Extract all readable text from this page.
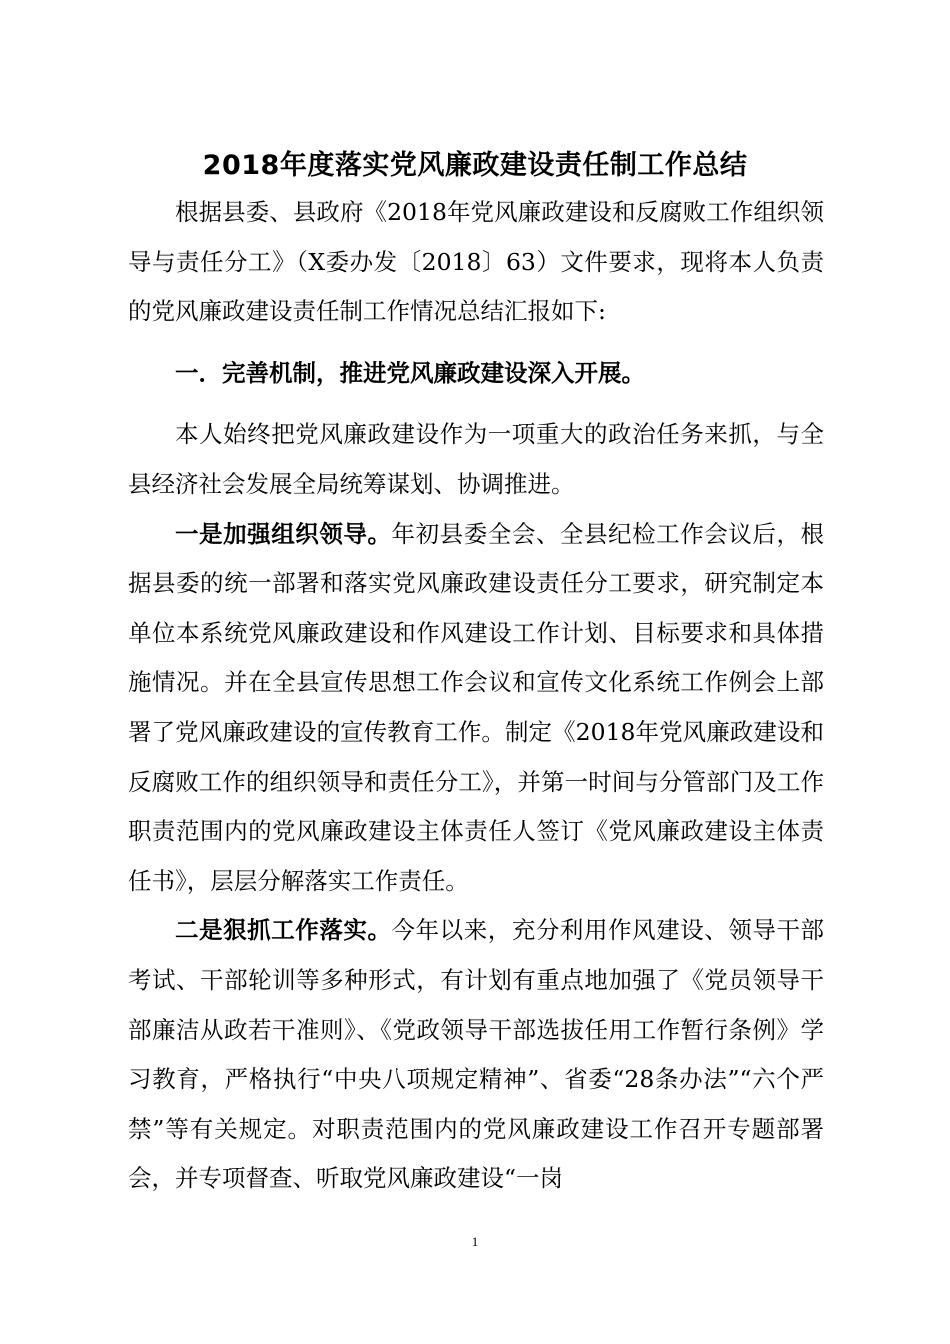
2018年度落实党风廉政建设责任制工作总结

根据县委、县政府《2018年党风廉政建设和反腐败工作组织领导与责任分工》（X委办发〔2018〕63）文件要求，现将本人负责的党风廉政建设责任制工作情况总结汇报如下:

一．完善机制，推进党风廉政建设深入开展。

本人始终把党风廉政建设作为一项重大的政治任务来抓，与全县经济社会发展全局统筹谋划、协调推进。

一是加强组织领导。年初县委全会、全县纪检工作会议后，根据县委的统一部署和落实党风廉政建设责任分工要求，研究制定本单位本系统党风廉政建设和作风建设工作计划、目标要求和具体措施情况。并在全县宣传思想工作会议和宣传文化系统工作例会上部署了党风廉政建设的宣传教育工作。制定《2018年党风廉政建设和反腐败工作的组织领导和责任分工》，并第一时间与分管部门及工作职责范围内的党风廉政建设主体责任人签订《党风廉政建设主体责任书》，层层分解落实工作责任。

二是狠抓工作落实。今年以来，充分利用作风建设、领导干部考试、干部轮训等多种形式，有计划有重点地加强了《党员领导干部廉洁从政若干准则》、《党政领导干部选拔任用工作暂行条例》学习教育，严格执行“中央八项规定精神”、省委“28条办法”“六个严禁”等有关规定。对职责范围内的党风廉政建设工作召开专题部署会，并专项督查、听取党风廉政建设“一岗

1
